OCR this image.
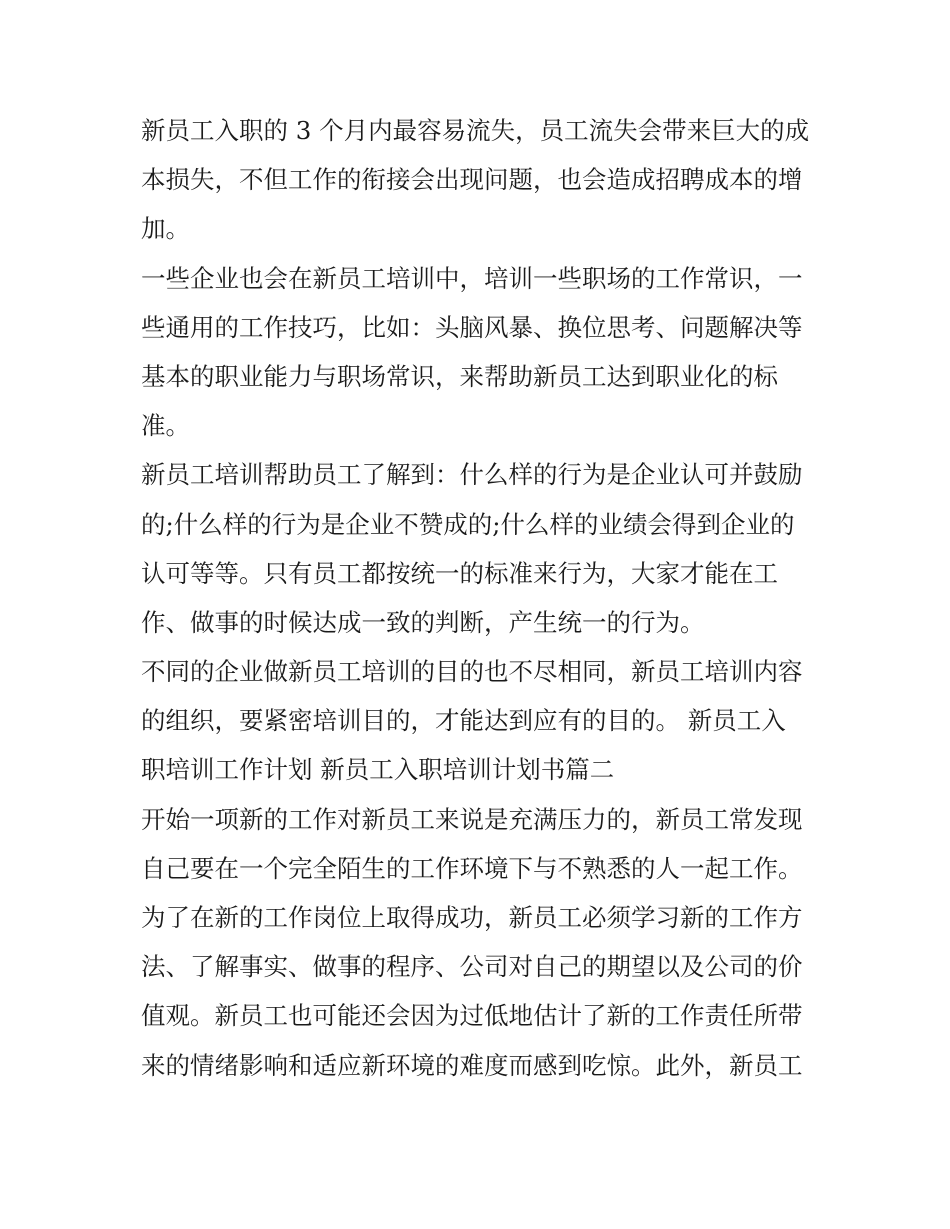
新员工入职的 3 个月内最容易流失，员工流失会带来巨大的成
本损失，不但工作的衔接会出现问题，也会造成招聘成本的增
加。
一些企业也会在新员工培训中，培训一些职场的工作常识，一
些通用的工作技巧，比如：头脑风暴、换位思考、问题解决等
基本的职业能力与职场常识，来帮助新员工达到职业化的标
准。
新员工培训帮助员工了解到：什么样的行为是企业认可并鼓励
的;什么样的行为是企业不赞成的;什么样的业绩会得到企业的
认可等等。只有员工都按统一的标准来行为，大家才能在工
作、做事的时候达成一致的判断，产生统一的行为。
不同的企业做新员工培训的目的也不尽相同，新员工培训内容
的组织，要紧密培训目的，才能达到应有的目的。 新员工入
职培训工作计划 新员工入职培训计划书篇二
开始一项新的工作对新员工来说是充满压力的，新员工常发现
自己要在一个完全陌生的工作环境下与不熟悉的人一起工作。
为了在新的工作岗位上取得成功，新员工必须学习新的工作方
法、了解事实、做事的程序、公司对自己的期望以及公司的价
值观。新员工也可能还会因为过低地估计了新的工作责任所带
来的情绪影响和适应新环境的难度而感到吃惊。此外，新员工
